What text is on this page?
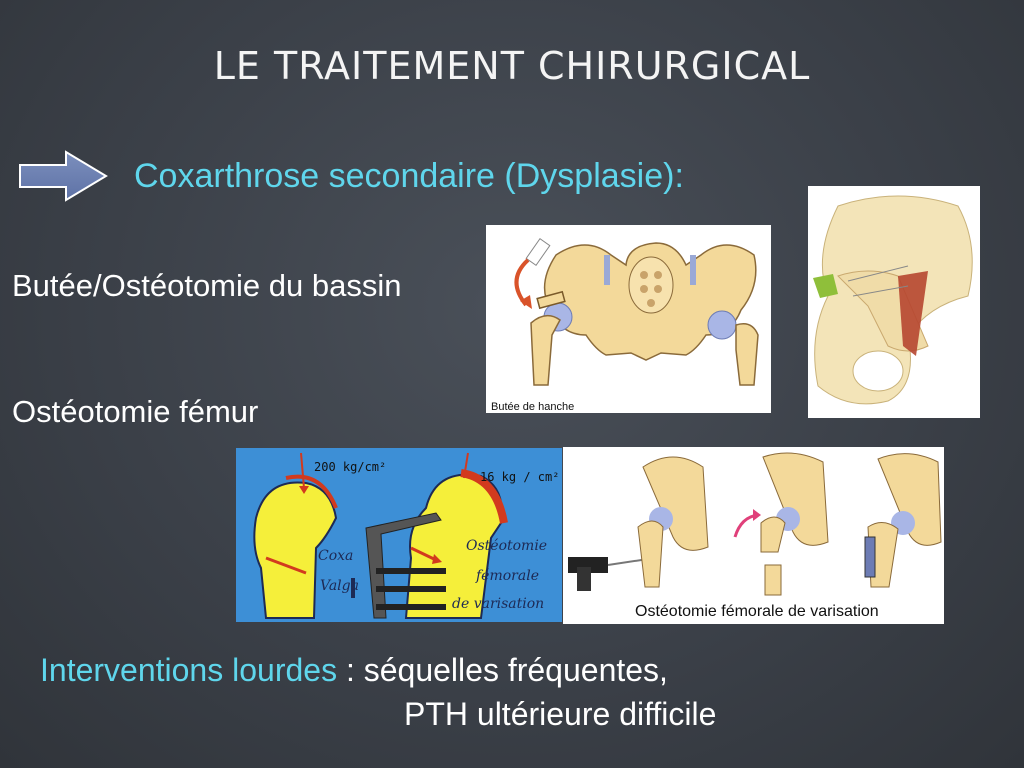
LE TRAITEMENT CHIRURGICAL
Coxarthrose secondaire (Dysplasie):
Butée/Ostéotomie du bassin
Ostéotomie fémur	Butée de hanche
200 kg/cm²
16 kg / cm²
Coxa
Valga
Ostéotomie
fémorale
de varisation	Ostéotomie fémorale de varisation
Interventions lourdes : séquelles fréquentes,
PTH ultérieure difficile
